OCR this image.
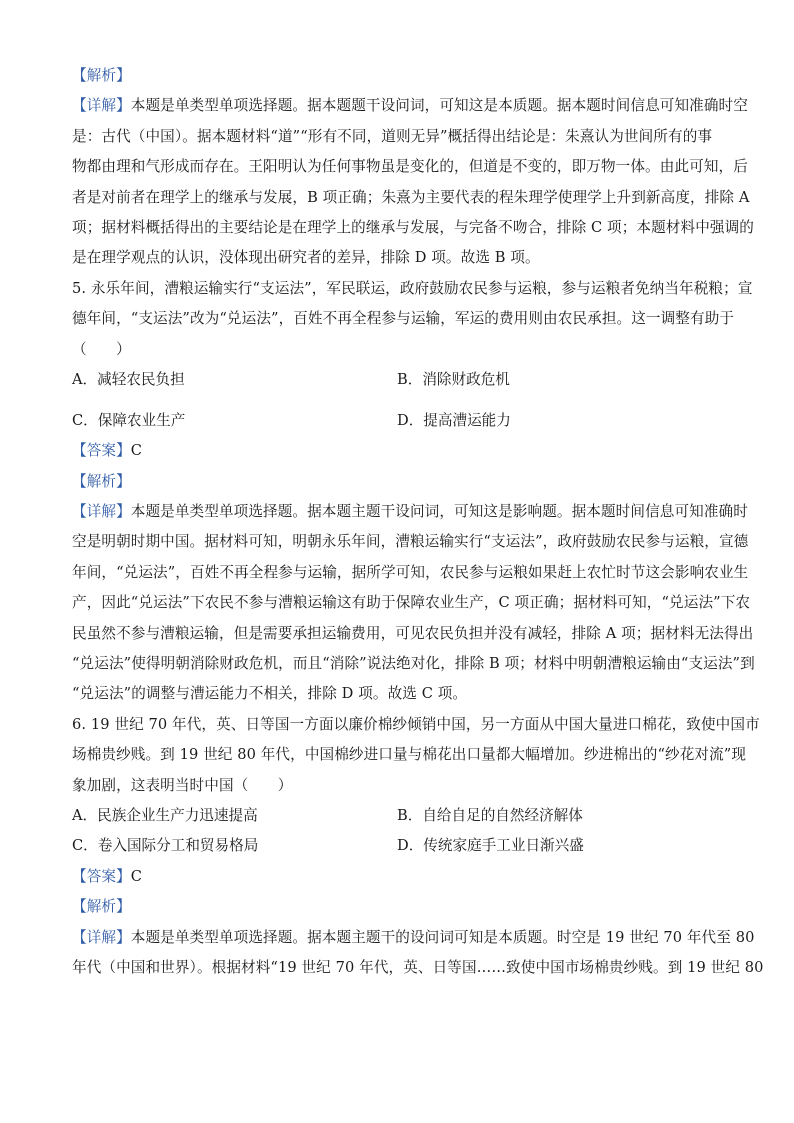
【解析】
【详解】本题是单类型单项选择题。据本题题干设问词，可知这是本质题。据本题时间信息可知准确时空
是：古代（中国）。据本题材料“道”“形有不同，道则无异”概括得出结论是：朱熹认为世间所有的事
物都由理和气形成而存在。王阳明认为任何事物虽是变化的，但道是不变的，即万物一体。由此可知，后
者是对前者在理学上的继承与发展，B 项正确；朱熹为主要代表的程朱理学使理学上升到新高度，排除 A
项；据材料概括得出的主要结论是在理学上的继承与发展，与完备不吻合，排除 C 项；本题材料中强调的
是在理学观点的认识，没体现出研究者的差异，排除 D 项。故选 B 项。
5. 永乐年间，漕粮运输实行“支运法”，军民联运，政府鼓励农民参与运粮，参与运粮者免纳当年税粮；宣
德年间，“支运法”改为“兑运法”，百姓不再全程参与运输，军运的费用则由农民承担。这一调整有助于
（　　）
A．减轻农民负担	B．消除财政危机
C．保障农业生产	D．提高漕运能力
【答案】C
【解析】
【详解】本题是单类型单项选择题。据本题主题干设问词，可知这是影响题。据本题时间信息可知准确时
空是明朝时期中国。据材料可知，明朝永乐年间，漕粮运输实行“支运法”，政府鼓励农民参与运粮，宣德
年间，“兑运法”，百姓不再全程参与运输，据所学可知，农民参与运粮如果赶上农忙时节这会影响农业生
产，因此“兑运法”下农民不参与漕粮运输这有助于保障农业生产，C 项正确；据材料可知，“兑运法”下农
民虽然不参与漕粮运输，但是需要承担运输费用，可见农民负担并没有减轻，排除 A 项；据材料无法得出
“兑运法”使得明朝消除财政危机，而且“消除”说法绝对化，排除 B 项；材料中明朝漕粮运输由“支运法”到
“兑运法”的调整与漕运能力不相关，排除 D 项。故选 C 项。
6. 19 世纪 70 年代，英、日等国一方面以廉价棉纱倾销中国，另一方面从中国大量进口棉花，致使中国市
场棉贵纱贱。到 19 世纪 80 年代，中国棉纱进口量与棉花出口量都大幅增加。纱进棉出的“纱花对流”现
象加剧，这表明当时中国（　　）
A．民族企业生产力迅速提高	B．自给自足的自然经济解体
C．卷入国际分工和贸易格局	D．传统家庭手工业日渐兴盛
【答案】C
【解析】
【详解】本题是单类型单项选择题。据本题主题干的设问词可知是本质题。时空是 19 世纪 70 年代至 80
年代（中国和世界）。根据材料“19 世纪 70 年代，英、日等国……致使中国市场棉贵纱贱。到 19 世纪 80
